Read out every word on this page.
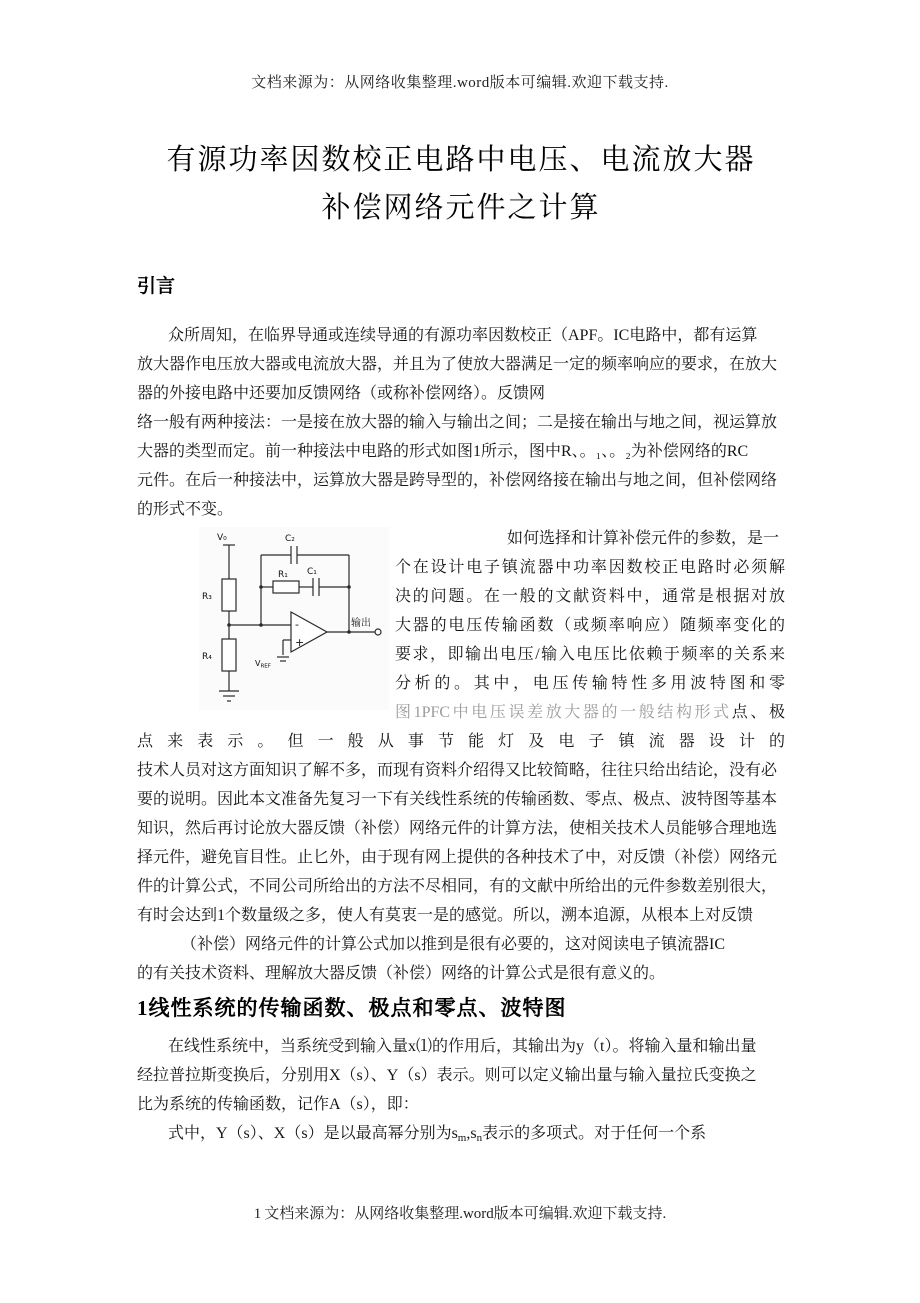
文档来源为：从网络收集整理.word版本可编辑.欢迎下载支持.
有源功率因数校正电路中电压、电流放大器
补偿网络元件之计算
引言
众所周知，在临界导通或连续导通的有源功率因数校正（APF。IC电路中，都有运算
放大器作电压放大器或电流放大器，并且为了使放大器满足一定的频率响应的要求，在放大
器的外接电路中还要加反馈网络（或称补偿网络）。反馈网
络一般有两种接法：一是接在放大器的输入与输出之间；二是接在输出与地之间，视运算放
大器的类型而定。前一种接法中电路的形式如图1所示，图中R、。₁、。₂为补偿网络的RC
元件。在后一种接法中，运算放大器是跨导型的，补偿网络接在输出与地之间，但补偿网络
的形式不变。
V₀
R₃
R₄
C₂
R₁ C₁
-
+
VREF
输出
如何选择和计算补偿元件的参数，是一
个在设计电子镇流器中功率因数校正电路时必须解
决的问题。在一般的文献资料中，通常是根据对放
大器的电压传输函数（或频率响应）随频率变化的
要求，即输出电压/输入电压比依赖于频率的关系来
分析的。其中，电压传输特性多用波特图和零
图1PFC中电压误差放大器的一般结构形式点、极
点来表示。但一般从事节能灯及电子镇流器设计的
技术人员对这方面知识了解不多，而现有资料介绍得又比较简略，往往只给出结论，没有必
要的说明。因此本文准备先复习一下有关线性系统的传输函数、零点、极点、波特图等基本
知识，然后再讨论放大器反馈（补偿）网络元件的计算方法，使相关技术人员能够合理地选
择元件，避免盲目性。止匕外，由于现有网上提供的各种技术了中，对反馈（补偿）网络元
件的计算公式，不同公司所给出的方法不尽相同，有的文献中所给出的元件参数差别很大，
有时会达到1个数量级之多，使人有莫衷一是的感觉。所以，溯本追源，从根本上对反馈
（补偿）网络元件的计算公式加以推到是很有必要的，这对阅读电子镇流器IC
的有关技术资料、理解放大器反馈（补偿）网络的计算公式是很有意义的。
1线性系统的传输函数、极点和零点、波特图
在线性系统中，当系统受到输入量x⑴的作用后，其输出为y（t）。将输入量和输出量
经拉普拉斯变换后，分别用X（s）、Y（s）表示。则可以定义输出量与输入量拉氏变换之
比为系统的传输函数，记作A（s），即：
式中，Y（s）、X（s）是以最高幂分别为sm,sn表示的多项式。对于任何一个系
1 文档来源为：从网络收集整理.word版本可编辑.欢迎下载支持.
